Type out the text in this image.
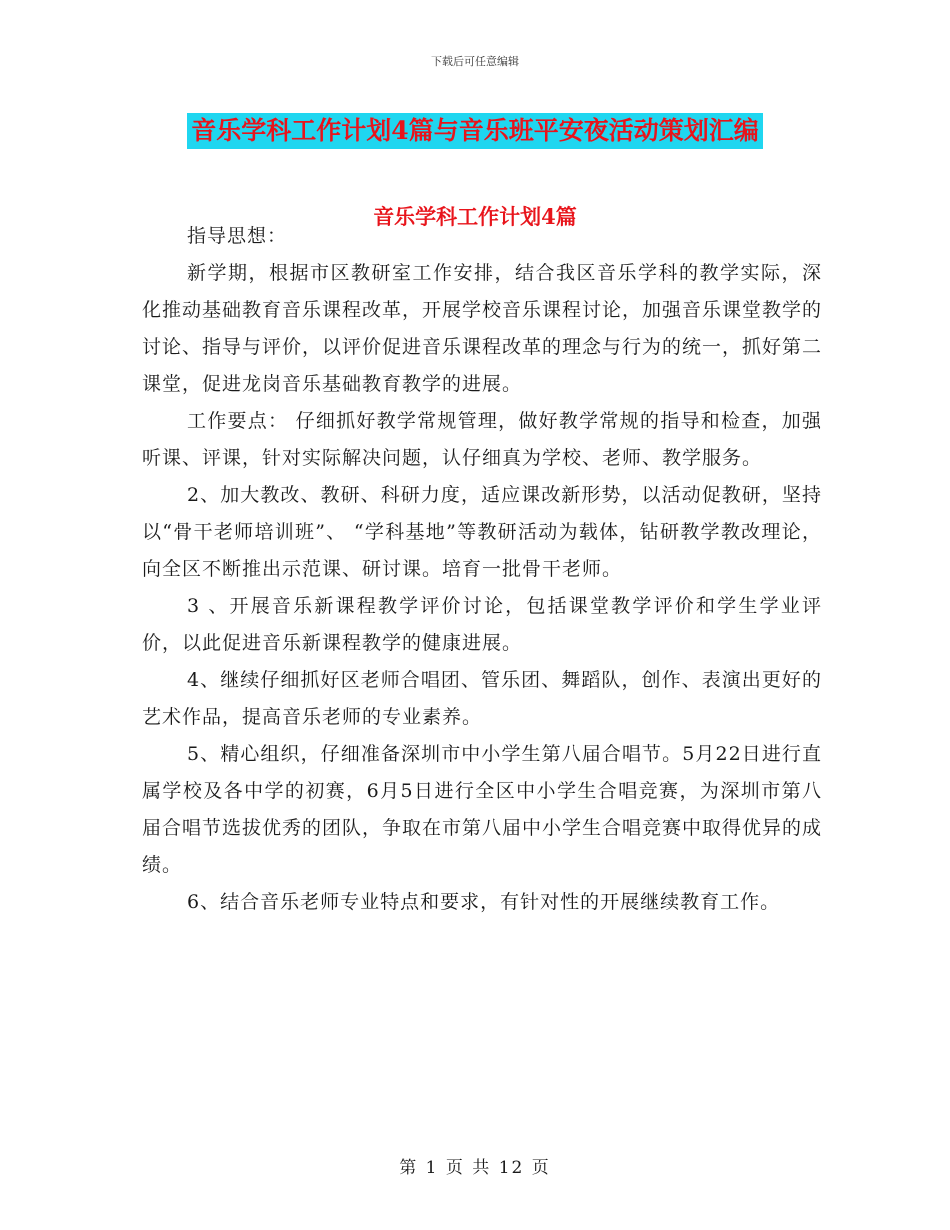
下载后可任意编辑
音乐学科工作计划4篇与音乐班平安夜活动策划汇编
音乐学科工作计划4篇

指导思想：

新学期，根据市区教研室工作安排，结合我区音乐学科的教学实际，深化推动基础教育音乐课程改革，开展学校音乐课程讨论，加强音乐课堂教学的讨论、指导与评价，以评价促进音乐课程改革的理念与行为的统一，抓好第二课堂，促进龙岗音乐基础教育教学的进展。

工作要点： 仔细抓好教学常规管理，做好教学常规的指导和检查，加强听课、评课，针对实际解决问题，认仔细真为学校、老师、教学服务。

2、加大教改、教研、科研力度，适应课改新形势，以活动促教研，坚持以“骨干老师培训班”、 “学科基地”等教研活动为载体，钻研教学教改理论，向全区不断推出示范课、研讨课。培育一批骨干老师。

3 、开展音乐新课程教学评价讨论，包括课堂教学评价和学生学业评价，以此促进音乐新课程教学的健康进展。

4、继续仔细抓好区老师合唱团、管乐团、舞蹈队，创作、表演出更好的艺术作品，提高音乐老师的专业素养。

5、精心组织，仔细准备深圳市中小学生第八届合唱节。5月22日进行直属学校及各中学的初赛，6月5日进行全区中小学生合唱竞赛，为深圳市第八届合唱节选拔优秀的团队，争取在市第八届中小学生合唱竞赛中取得优异的成绩。

6、结合音乐老师专业特点和要求，有针对性的开展继续教育工作。

第 1 页 共 12 页
